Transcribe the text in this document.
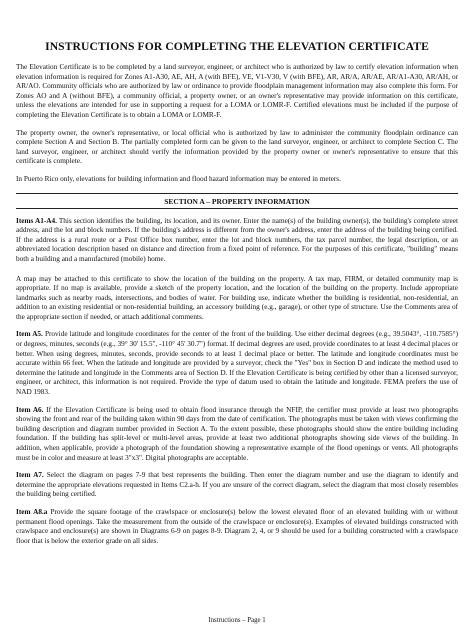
INSTRUCTIONS FOR COMPLETING THE ELEVATION CERTIFICATE

The Elevation Certificate is to be completed by a land surveyor, engineer, or architect who is authorized by law to certify elevation information when elevation information is required for Zones A1-A30, AE, AH, A (with BFE), VE, V1-V30, V (with BFE), AR, AR/A, AR/AE, AR/A1-A30, AR/AH, or AR/AO. Community officials who are authorized by law or ordinance to provide floodplain management information may also complete this form. For Zones AO and A (without BFE), a community official, a property owner, or an owner's representative may provide information on this certificate, unless the elevations are intended for use in supporting a request for a LOMA or LOMR-F. Certified elevations must be included if the purpose of completing the Elevation Certificate is to obtain a LOMA or LOMR-F.

The property owner, the owner's representative, or local official who is authorized by law to administer the community floodplain ordinance can complete Section A and Section B. The partially completed form can be given to the land surveyor, engineer, or architect to complete Section C. The land surveyor, engineer, or architect should verify the information provided by the property owner or owner's representative to ensure that this certificate is complete.

In Puerto Rico only, elevations for building information and flood hazard information may be entered in meters.

SECTION A – PROPERTY INFORMATION

Items A1-A4. This section identifies the building, its location, and its owner. Enter the name(s) of the building owner(s), the building's complete street address, and the lot and block numbers. If the building's address is different from the owner's address, enter the address of the building being certified. If the address is a rural route or a Post Office box number, enter the lot and block numbers, the tax parcel number, the legal description, or an abbreviated location description based on distance and direction from a fixed point of reference. For the purposes of this certificate, "building" means both a building and a manufactured (mobile) home.

A map may be attached to this certificate to show the location of the building on the property. A tax map, FIRM, or detailed community map is appropriate. If no map is available, provide a sketch of the property location, and the location of the building on the property. Include appropriate landmarks such as nearby roads, intersections, and bodies of water. For building use, indicate whether the building is residential, non-residential, an addition to an existing residential or non-residential building, an accessory building (e.g., garage), or other type of structure. Use the Comments area of the appropriate section if needed, or attach additional comments.

Item A5. Provide latitude and longitude coordinates for the center of the front of the building. Use either decimal degrees (e.g., 39.5043°, -110.7585°) or degrees, minutes, seconds (e.g., 39° 30' 15.5", -110° 45' 30.7") format. If decimal degrees are used, provide coordinates to at least 4 decimal places or better. When using degrees, minutes, seconds, provide seconds to at least 1 decimal place or better. The latitude and longitude coordinates must be accurate within 66 feet. When the latitude and longitude are provided by a surveyor, check the "Yes" box in Section D and indicate the method used to determine the latitude and longitude in the Comments area of Section D. If the Elevation Certificate is being certified by other than a licensed surveyor, engineer, or architect, this information is not required. Provide the type of datum used to obtain the latitude and longitude. FEMA prefers the use of NAD 1983.

Item A6. If the Elevation Certificate is being used to obtain flood insurance through the NFIP, the certifier must provide at least two photographs showing the front and rear of the building taken within 90 days from the date of certification. The photographs must be taken with views confirming the building description and diagram number provided in Section A. To the extent possible, these photographs should show the entire building including foundation. If the building has split-level or multi-level areas, provide at least two additional photographs showing side views of the building. In addition, when applicable, provide a photograph of the foundation showing a representative example of the flood openings or vents. All photographs must be in color and measure at least 3"x3". Digital photographs are acceptable.

Item A7. Select the diagram on pages 7-9 that best represents the building. Then enter the diagram number and use the diagram to identify and determine the appropriate elevations requested in Items C2.a-h. If you are unsure of the correct diagram, select the diagram that most closely resembles the building being certified.

Item A8.a Provide the square footage of the crawlspace or enclosure(s) below the lowest elevated floor of an elevated building with or without permanent flood openings. Take the measurement from the outside of the crawlspace or enclosure(s). Examples of elevated buildings constructed with crawlspace and enclosure(s) are shown in Diagrams 6-9 on pages 8-9. Diagram 2, 4, or 9 should be used for a building constructed with a crawlspace floor that is below the exterior grade on all sides.

Instructions – Page 1
